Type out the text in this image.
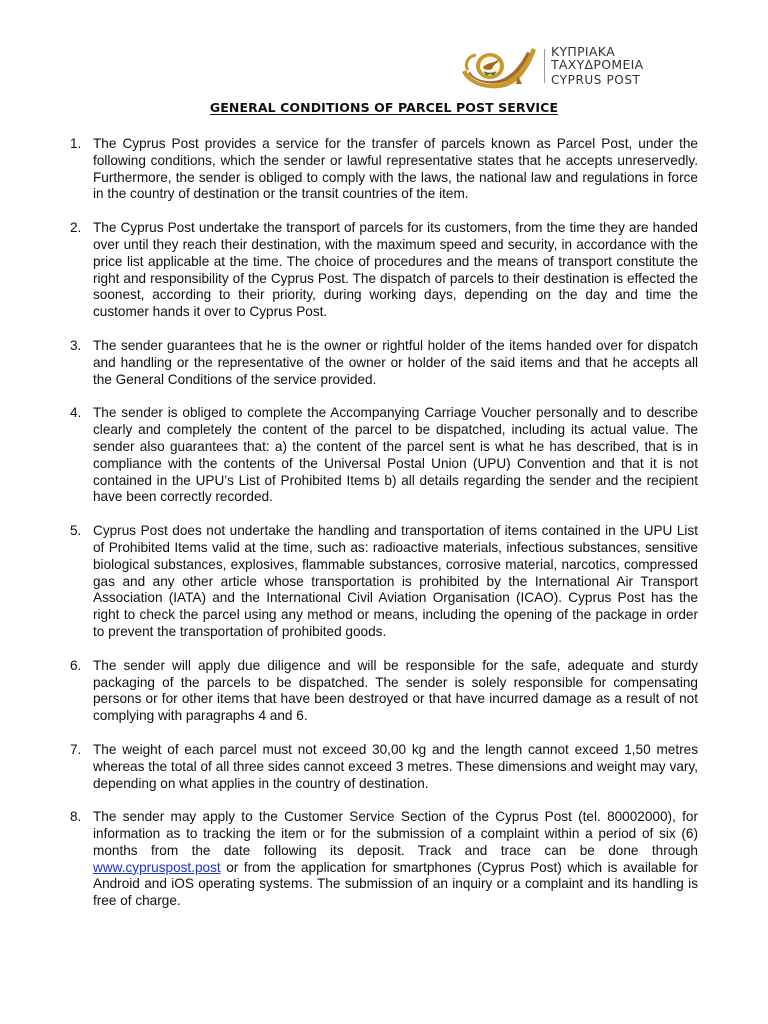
ΚΥΠΡΙΑΚΑ ΤΑΧΥΔΡΟΜΕΙΑ
CYPRUS POST
GENERAL CONDITIONS OF PARCEL POST SERVICE
1. The Cyprus Post provides a service for the transfer of parcels known as Parcel Post, under the following conditions, which the sender or lawful representative states that he accepts unreservedly. Furthermore, the sender is obliged to comply with the laws, the national law and regulations in force in the country of destination or the transit countries of the item.
2. The Cyprus Post undertake the transport of parcels for its customers, from the time they are handed over until they reach their destination, with the maximum speed and security, in accordance with the price list applicable at the time. The choice of procedures and the means of transport constitute the right and responsibility of the Cyprus Post. The dispatch of parcels to their destination is effected the soonest, according to their priority, during working days, depending on the day and time the customer hands it over to Cyprus Post.
3. The sender guarantees that he is the owner or rightful holder of the items handed over for dispatch and handling or the representative of the owner or holder of the said items and that he accepts all the General Conditions of the service provided.
4. The sender is obliged to complete the Accompanying Carriage Voucher personally and to describe clearly and completely the content of the parcel to be dispatched, including its actual value. The sender also guarantees that: a) the content of the parcel sent is what he has described, that is in compliance with the contents of the Universal Postal Union (UPU) Convention and that it is not contained in the UPU’s List of Prohibited Items b) all details regarding the sender and the recipient have been correctly recorded.
5. Cyprus Post does not undertake the handling and transportation of items contained in the UPU List of Prohibited Items valid at the time, such as: radioactive materials, infectious substances, sensitive biological substances, explosives, flammable substances, corrosive material, narcotics, compressed gas and any other article whose transportation is prohibited by the International Air Transport Association (IATA) and the International Civil Aviation Organisation (ICAO). Cyprus Post has the right to check the parcel using any method or means, including the opening of the package in order to prevent the transportation of prohibited goods.
6. The sender will apply due diligence and will be responsible for the safe, adequate and sturdy packaging of the parcels to be dispatched. The sender is solely responsible for compensating persons or for other items that have been destroyed or that have incurred damage as a result of not complying with paragraphs 4 and 6.
7. The weight of each parcel must not exceed 30,00 kg and the length cannot exceed 1,50 metres whereas the total of all three sides cannot exceed 3 metres. These dimensions and weight may vary, depending on what applies in the country of destination.
8. The sender may apply to the Customer Service Section of the Cyprus Post (tel. 80002000), for information as to tracking the item or for the submission of a complaint within a period of six (6) months from the date following its deposit. Track and trace can be done through www.cypruspost.post or from the application for smartphones (Cyprus Post) which is available for Android and iOS operating systems. The submission of an inquiry or a complaint and its handling is free of charge.
